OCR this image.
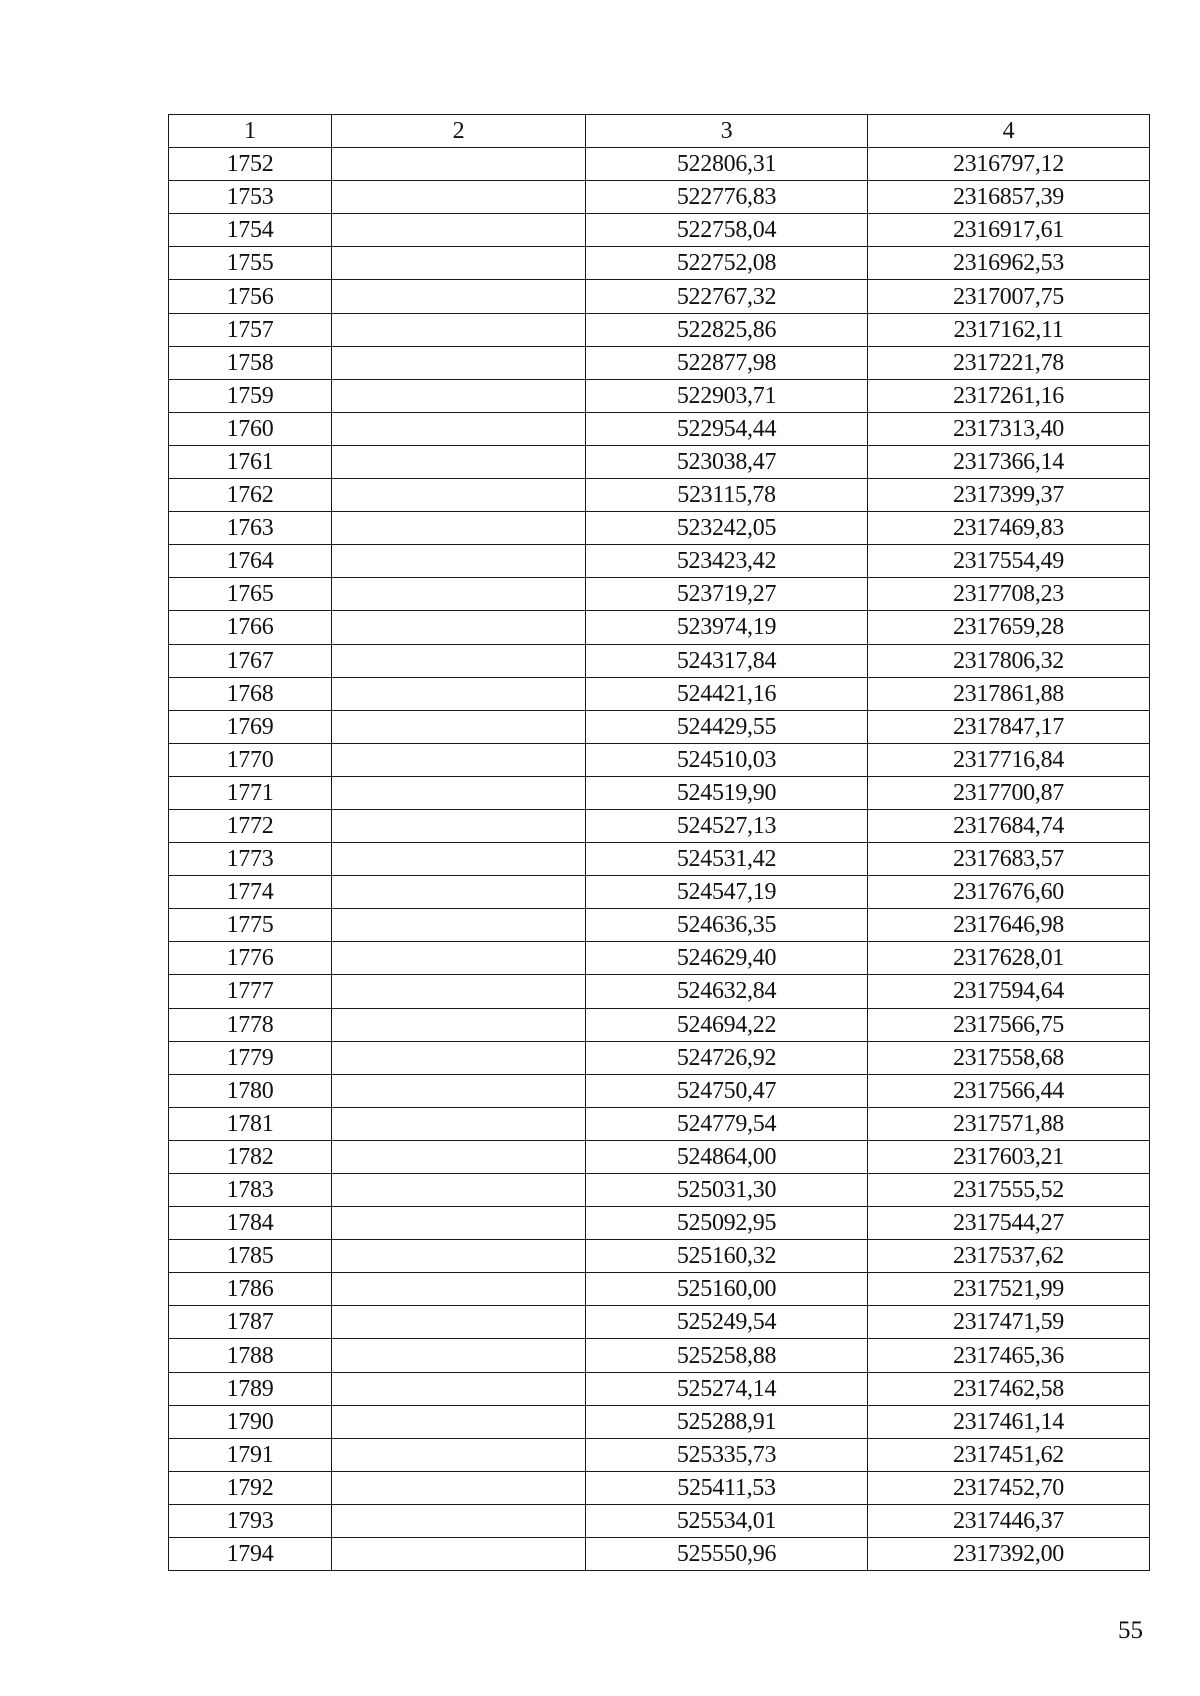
1	2	3	4
1752		522806,31	2316797,12
1753		522776,83	2316857,39
1754		522758,04	2316917,61
1755		522752,08	2316962,53
1756		522767,32	2317007,75
1757		522825,86	2317162,11
1758		522877,98	2317221,78
1759		522903,71	2317261,16
1760		522954,44	2317313,40
1761		523038,47	2317366,14
1762		523115,78	2317399,37
1763		523242,05	2317469,83
1764		523423,42	2317554,49
1765		523719,27	2317708,23
1766		523974,19	2317659,28
1767		524317,84	2317806,32
1768		524421,16	2317861,88
1769		524429,55	2317847,17
1770		524510,03	2317716,84
1771		524519,90	2317700,87
1772		524527,13	2317684,74
1773		524531,42	2317683,57
1774		524547,19	2317676,60
1775		524636,35	2317646,98
1776		524629,40	2317628,01
1777		524632,84	2317594,64
1778		524694,22	2317566,75
1779		524726,92	2317558,68
1780		524750,47	2317566,44
1781		524779,54	2317571,88
1782		524864,00	2317603,21
1783		525031,30	2317555,52
1784		525092,95	2317544,27
1785		525160,32	2317537,62
1786		525160,00	2317521,99
1787		525249,54	2317471,59
1788		525258,88	2317465,36
1789		525274,14	2317462,58
1790		525288,91	2317461,14
1791		525335,73	2317451,62
1792		525411,53	2317452,70
1793		525534,01	2317446,37
1794		525550,96	2317392,00
55
